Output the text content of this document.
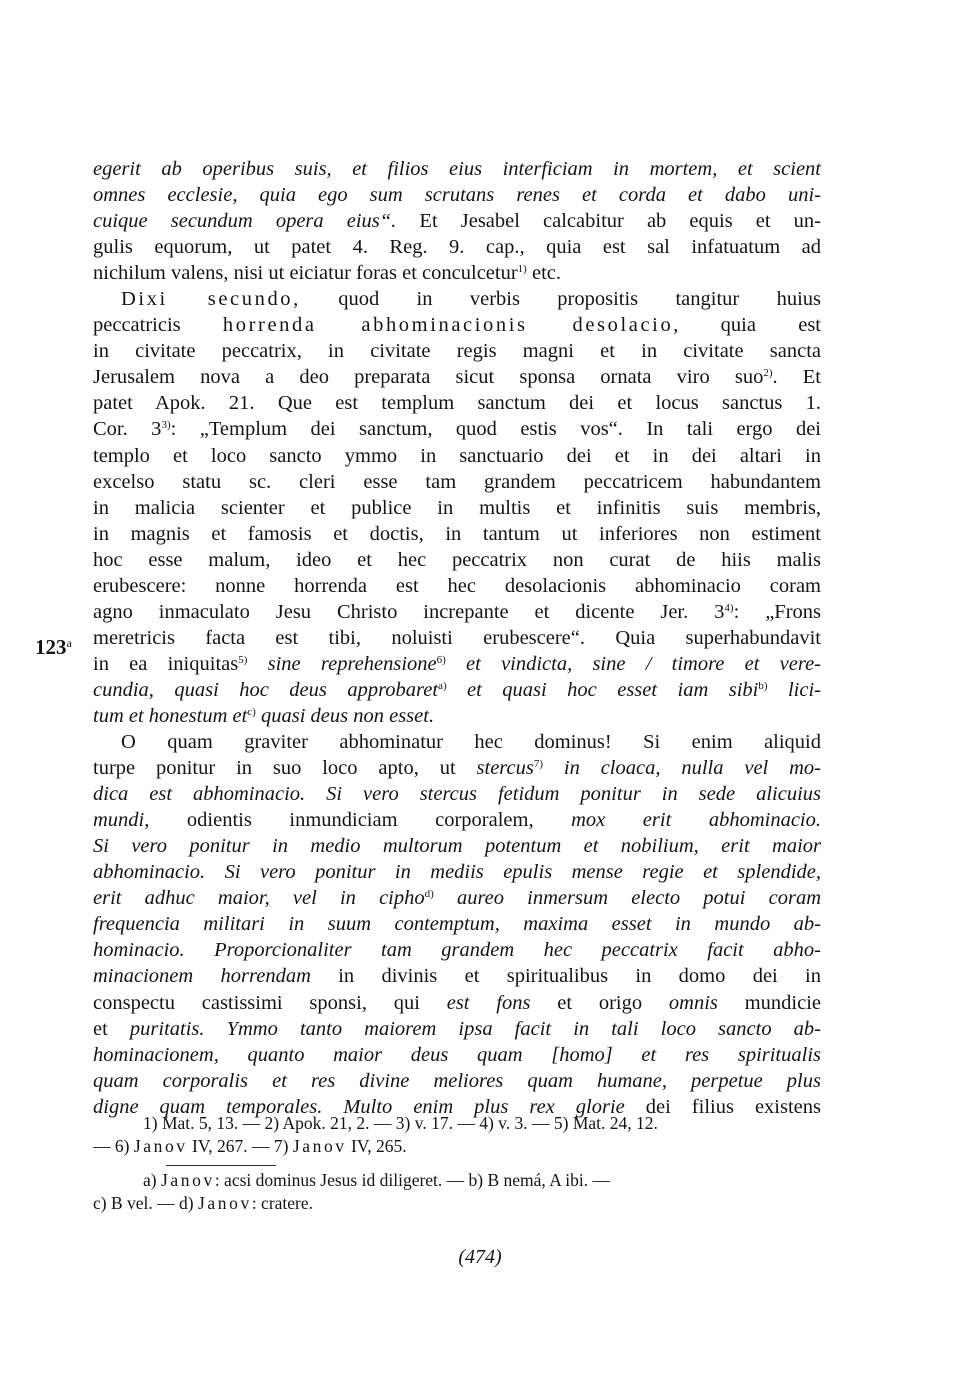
123$^a$
egerit ab operibus suis, et filios eius interficiam in mortem, et scient
omnes ecclesie, quia ego sum scrutans renes et corda et dabo uni-
cuique secundum opera eius“. Et Jesabel calcabitur ab equis et un-
gulis equorum, ut patet 4. Reg. 9. cap., quia est sal infatuatum ad
nichilum valens, nisi ut eiciatur foras et conculcetur$^{1)}$ etc.
Dixi secundo, quod in verbis propositis tangitur huius
peccatricis horrenda abhominacionis desolacio, quia est
in civitate peccatrix, in civitate regis magni et in civitate sancta
Jerusalem nova a deo preparata sicut sponsa ornata viro suo$^{2)}$. Et
patet Apok. 21. Que est templum sanctum dei et locus sanctus 1.
Cor. 3$^{3)}$: „Templum dei sanctum, quod estis vos“. In tali ergo dei
templo et loco sancto ymmo in sanctuario dei et in dei altari in
excelso statu sc. cleri esse tam grandem peccatricem habundantem
in malicia scienter et publice in multis et infinitis suis membris,
in magnis et famosis et doctis, in tantum ut inferiores non estiment
hoc esse malum, ideo et hec peccatrix non curat de hiis malis
erubescere: nonne horrenda est hec desolacionis abhominacio coram
agno inmaculato Jesu Christo increpante et dicente Jer. 3$^{4)}$: „Frons
meretricis facta est tibi, noluisti erubescere“. Quia superhabundavit
in ea iniquitas$^{5)}$ sine reprehensione$^{6)}$ et vindicta, sine / timore et vere-
cundia, quasi hoc deus approbaret$^{a)}$ et quasi hoc esset iam sibi$^{b)}$ lici-
tum et honestum $et^{c)}$ quasi deus non esset.
O quam graviter abhominatur hec dominus! Si enim aliquid
turpe ponitur in suo loco apto, ut stercus$^{7)}$ in cloaca, nulla vel mo-
dica est abhominacio. Si vero stercus fetidum ponitur in sede alicuius
mundi, odientis inmundiciam corporalem, mox erit abhominacio.
Si vero ponitur in medio multorum potentum et nobilium, erit maior
abhominacio. Si vero ponitur in mediis epulis mense regie et splendide,
erit adhuc maior, vel in cipho$^{d)}$ aureo inmersum electo potui coram
frequencia militari in suum contemptum, maxima esset in mundo ab-
hominacio. Proporcionaliter tam grandem hec peccatrix facit abho-
minacionem horrendam in divinis et spiritualibus in domo dei in
conspectu castissimi sponsi, qui est fons et origo omnis mundicie
et puritatis. Ymmo tanto maiorem ipsa facit in tali loco sancto ab-
hominacionem, quanto maior deus quam [homo] et res spiritualis
quam corporalis et res divine meliores quam humane, perpetue plus
digne quam temporales. Multo enim plus rex glorie dei filius existens
1) Mat. 5, 13. — 2) Apok. 21, 2. — 3) v. 17. — 4) v. 3. — 5) Mat. 24, 12.
— 6) Janov IV, 267. — 7) Janov IV, 265.
a) Janov: acsi dominus Jesus id diligeret. — b) B nemá, A ibi. —
c) B vel. — d) Janov: cratere.
(474)
